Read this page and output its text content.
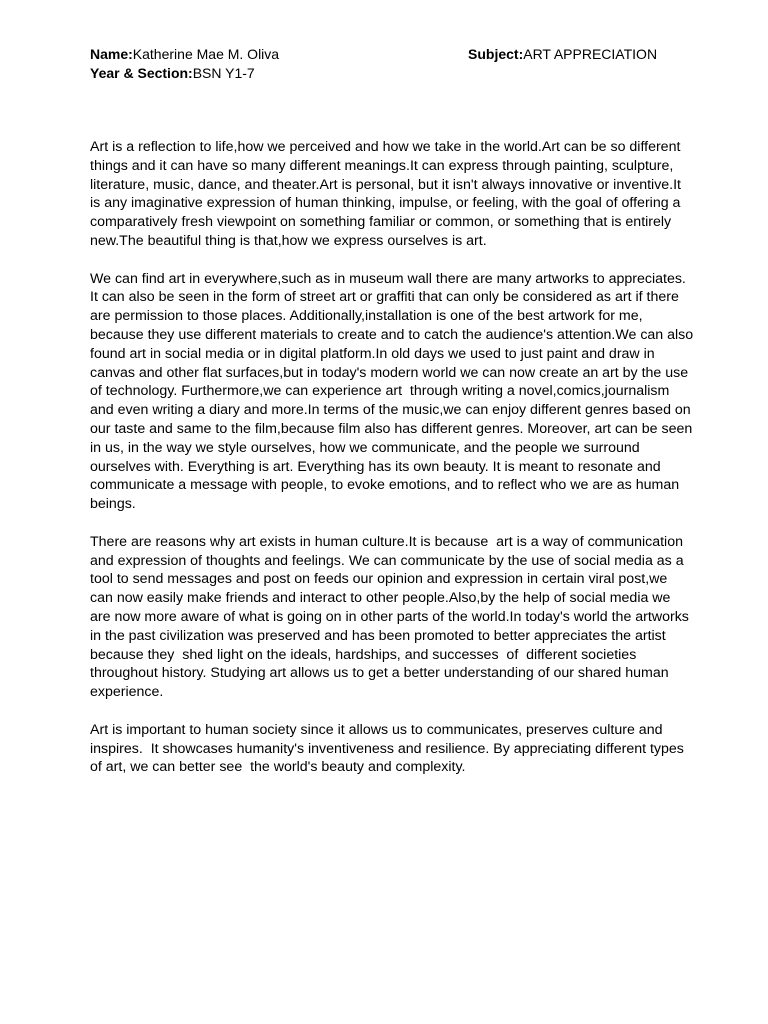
Name:Katherine Mae M. Oliva	Subject:ART APPRECIATION
Year & Section:BSN Y1-7
Art is a reflection to life,how we perceived and how we take in the world.Art can be so different
things and it can have so many different meanings.It can express through painting, sculpture,
literature, music, dance, and theater.Art is personal, but it isn't always innovative or inventive.It
is any imaginative expression of human thinking, impulse, or feeling, with the goal of offering a
comparatively fresh viewpoint on something familiar or common, or something that is entirely
new.The beautiful thing is that,how we express ourselves is art.
We can find art in everywhere,such as in museum wall there are many artworks to appreciates.
It can also be seen in the form of street art or graffiti that can only be considered as art if there
are permission to those places. Additionally,installation is one of the best artwork for me,
because they use different materials to create and to catch the audience's attention.We can also
found art in social media or in digital platform.In old days we used to just paint and draw in
canvas and other flat surfaces,but in today's modern world we can now create an art by the use
of technology. Furthermore,we can experience art  through writing a novel,comics,journalism
and even writing a diary and more.In terms of the music,we can enjoy different genres based on
our taste and same to the film,because film also has different genres. Moreover, art can be seen
in us, in the way we style ourselves, how we communicate, and the people we surround
ourselves with. Everything is art. Everything has its own beauty. It is meant to resonate and
communicate a message with people, to evoke emotions, and to reflect who we are as human
beings.
There are reasons why art exists in human culture.It is because  art is a way of communication
and expression of thoughts and feelings. We can communicate by the use of social media as a
tool to send messages and post on feeds our opinion and expression in certain viral post,we
can now easily make friends and interact to other people.Also,by the help of social media we
are now more aware of what is going on in other parts of the world.In today's world the artworks
in the past civilization was preserved and has been promoted to better appreciates the artist
because they  shed light on the ideals, hardships, and successes  of  different societies
throughout history. Studying art allows us to get a better understanding of our shared human
experience.
Art is important to human society since it allows us to communicates, preserves culture and
inspires.  It showcases humanity's inventiveness and resilience. By appreciating different types
of art, we can better see  the world's beauty and complexity.
